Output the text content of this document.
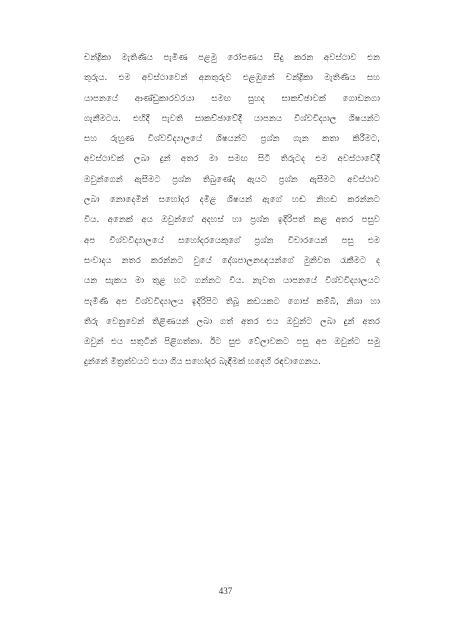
චන්ද්‍රිකා මැතිණිය පැමිණ පළමු රෝපණය සිදු කරන අවස්ථාව එන
තුරුය. එම අවස්ථාවෙන් අනතුරුව එළඹුනේ චන්ද්‍රිකා මැතිණිය සහ
යාපනයේ ආණ්ඩුකාරවරයා සමඟ සුහද සාකච්ඡාවක් ගොඩනගා
ගැනීමටය. එහිදී පැවති සාකච්ඡාවේදී යාපනය විශ්වවිද්‍යාල ශිෂයන්ට
සහ රුහුණ විශ්වවිද්‍යාලයේ ශිෂයන්ට ප්‍රශ්න ගැන කතා කිරීමට,
අවස්ථාවක් ලබා දුන් අතර මා සමඟ සිටි තිරුටද එම අවස්ථාවේදී
ඔවුන්ගෙන් ඇසීමට ප්‍රශ්න තිබුණේද ඇයට ප්‍රශ්න ඇසීමට අවස්ථාව
ලබා නොදෙමින් සහෝදර දමිළ ශිෂයන් ඇගේ හඬ නිහඬ කරන්නට
විය. අනෙක් අය ඔවුන්ගේ අදහස් හා ප්‍රශ්න ඉදිරිපත් කළ අතර පසුව
අප විශ්වවිද්‍යාලයේ සහෝදරයෙකුගේ ප්‍රශ්න විචාරයෙන් පසු එම
සංවාදය නතර කරන්නට වුයේ දේශපාලනඥයන්ගේ මුනිවත රැකීමට ද
යන සැකය මා තුළ හට ගන්නට විය. නැවත යාපනයේ විශ්වවිද්‍යාලයට
පැමිණි අප විශ්වවිද්‍යාලය ඉදිරිපිට තිබූ කඩයකට ගොස් කම්බි, නිශා හා
තිරු වෙනුවෙන් තිළිණයන් ලබා ගත් අතර එය ඔවුන්ට ලබා දුන් අතර
ඔවුන් එය සතුටින් පිළිගත්තා. ඊට සුළු වේලාවකට පසු අප ඔවුන්ට සමු
දුන්නේ මිත්‍රත්වයට එයා ගිය සහෝදර බැඳීමක් හදෙහි රඳවාගෙනය.
437
